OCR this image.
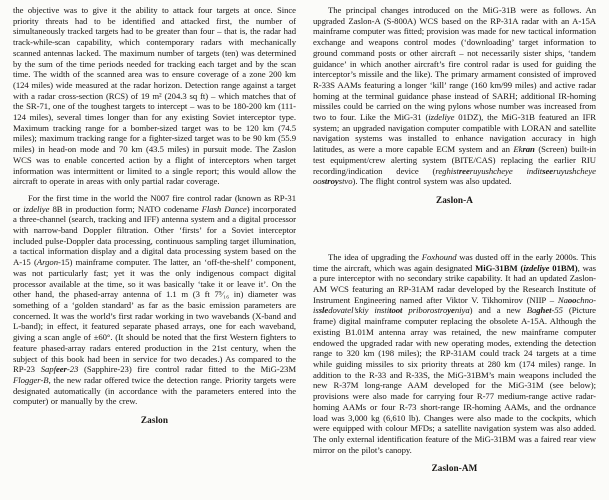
the objective was to give it the ability to attack four targets at once. Since priority threats had to be identified and attacked first, the number of simultaneously tracked targets had to be greater than four – that is, the radar had track-while-scan capability, which contemporary radars with mechanically scanned antennas lacked. The maximum number of targets (ten) was determined by the sum of the time periods needed for tracking each target and by the scan time. The width of the scanned area was to ensure coverage of a zone 200 km (124 miles) wide measured at the radar horizon. Detection range against a target with a radar cross-section (RCS) of 19 m² (204.3 sq ft) – which matches that of the SR-71, one of the toughest targets to intercept – was to be 180-200 km (111-124 miles), several times longer than for any existing Soviet interceptor type. Maximum tracking range for a bomber-sized target was to be 120 km (74.5 miles); maximum tracking range for a fighter-sized target was to be 90 km (55.9 miles) in head-on mode and 70 km (43.5 miles) in pursuit mode. The Zaslon WCS was to enable concerted action by a flight of interceptors when target information was intermittent or limited to a single report; this would allow the aircraft to operate in areas with only partial radar coverage.

For the first time in the world the N007 fire control radar (known as RP-31 or izdeliye 8B in production form; NATO codename Flash Dance) incorporated a three-channel (search, tracking and IFF) antenna system and a digital processor with narrow-band Doppler filtration. Other ‘firsts’ for a Soviet interceptor included pulse-Doppler data processing, continuous sampling target illumination, a tactical information display and a digital data processing system based on the A-15 (Argon-15) mainframe computer. The latter, an ‘off-the-shelf’ component, was not particularly fast; yet it was the only indigenous compact digital processor available at the time, so it was basically ‘take it or leave it’. On the other hand, the phased-array antenna of 1.1 m (3 ft 7⁵⁄₁₆ in) diameter was something of a ‘golden standard’ as far as the basic emission parameters are concerned. It was the world’s first radar working in two wavebands (X-band and L-band); in effect, it featured separate phased arrays, one for each waveband, giving a scan angle of ±60°. (It should be noted that the first Western fighters to feature phased-array radars entered production in the 21st century, when the subject of this book had been in service for two decades.) As compared to the RP-23 Sapfeer-23 (Sapphire-23) fire control radar fitted to the MiG-23M Flogger-B, the new radar offered twice the detection range. Priority targets were designated automatically (in accordance with the parameters entered into the computer) or manually by the crew.

Zaslon

The principal changes introduced on the MiG-31B were as follows. An upgraded Zaslon-A (S-800A) WCS based on the RP-31A radar with an A-15A mainframe computer was fitted; provision was made for new tactical information exchange and weapons control modes (‘downloading’ target information to ground command posts or other aircraft – not necessarily sister ships, ‘tandem guidance’ in which another aircraft’s fire control radar is used for guiding the interceptor’s missile and the like). The primary armament consisted of improved R-33S AAMs featuring a longer ‘kill’ range (160 km/99 miles) and active radar homing at the terminal guidance phase instead of SARH; additional IR-homing missiles could be carried on the wing pylons whose number was increased from two to four. Like the MiG-31 (izdeliye 01DZ), the MiG-31B featured an IFR system; an upgraded navigation computer compatible with LORAN and satellite navigation systems was installed to enhance navigation accuracy in high latitudes, as were a more capable ECM system and an Ekran (Screen) built-in test equipment/crew alerting system (BITE/CAS) replacing the earlier RIU recording/indication device (reghistreeruyushcheye inditseeruyushcheye oostroystvo). The flight control system was also updated.

Zaslon-A

The idea of upgrading the Foxhound was dusted off in the early 2000s. This time the aircraft, which was again designated MiG-31BM (izdeliye 01BM), was a pure interceptor with no secondary strike capability. It had an updated Zaslon-AM WCS featuring an RP-31AM radar developed by the Research Institute of Instrument Engineering named after Viktor V. Tikhomirov (NIIP – Naoochno-issledovatel’skiy institoot priborostroyeniya) and a new Baghet-55 (Picture frame) digital mainframe computer replacing the obsolete A-15A. Although the existing B1.01M antenna array was retained, the new mainframe computer endowed the upgraded radar with new operating modes, extending the detection range to 320 km (198 miles); the RP-31AM could track 24 targets at a time while guiding missiles to six priority threats at 280 km (174 miles) range. In addition to the R-33 and R-33S, the MiG-31BM’s main weapons included the new R-37M long-range AAM developed for the MiG-31M (see below); provisions were also made for carrying four R-77 medium-range active radar-homing AAMs or four R-73 short-range IR-homing AAMs, and the ordnance load was 3,000 kg (6,610 lb). Changes were also made to the cockpits, which were equipped with colour MFDs; a satellite navigation system was also added. The only external identification feature of the MiG-31BM was a faired rear view mirror on the pilot’s canopy.

Zaslon-AM
